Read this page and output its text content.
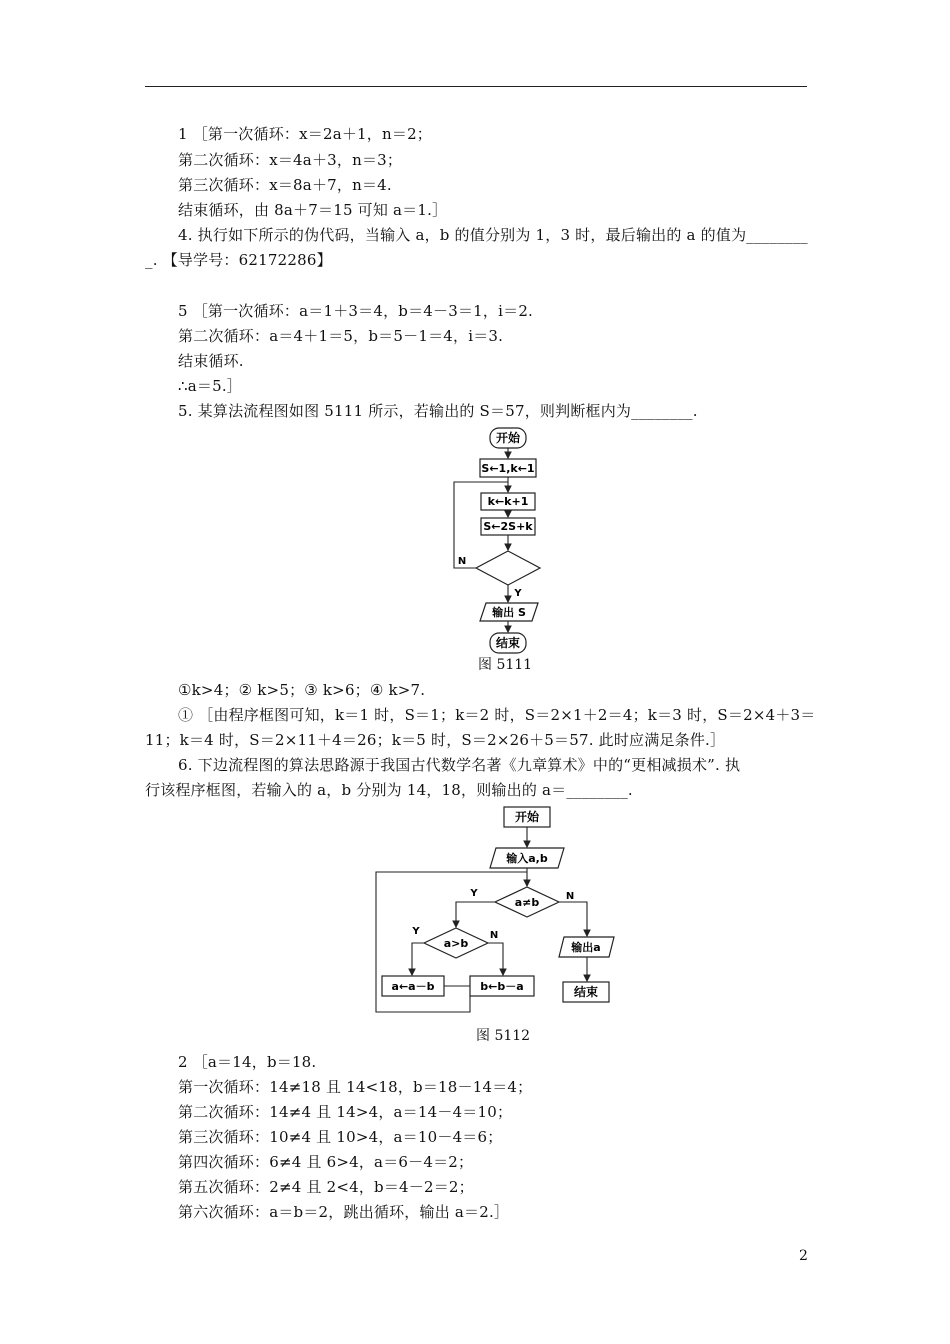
1 ［第一次循环：x＝2a＋1，n＝2；
第二次循环：x＝4a＋3，n＝3；
第三次循环：x＝8a＋7，n＝4.
结束循环，由 8a＋7＝15 可知 a＝1.］
4. 执行如下所示的伪代码，当输入 a，b 的值分别为 1，3 时，最后输出的 a 的值为________
_. 【导学号：62172286】
5 ［第一次循环：a＝1＋3＝4，b＝4－3＝1，i＝2.
第二次循环：a＝4＋1＝5，b＝5－1＝4，i＝3.
结束循环.
∴a＝5.］
5. 某算法流程图如图 5111 所示，若输出的 S＝57，则判断框内为________.
开始
S←1,k←1
k←k+1
S←2S+k
N
Y
输出 S
结束
图 5111
①k>4；② k>5；③ k>6；④ k>7.
① ［由程序框图可知，k＝1 时，S＝1；k＝2 时，S＝2×1＋2＝4；k＝3 时，S＝2×4＋3＝
11；k＝4 时，S＝2×11＋4＝26；k＝5 时，S＝2×26＋5＝57. 此时应满足条件.］
6. 下边流程图的算法思路源于我国古代数学名著《九章算术》中的“更相减损术”. 执
行该程序框图，若输入的 a，b 分别为 14，18，则输出的 a＝________.
开始
输入a,b
a≠b
Y	N
a>b
Y	N
a←a－b	b←b－a
输出a
结束
图 5112
2 ［a＝14，b＝18.
第一次循环：14≠18 且 14<18，b＝18－14＝4；
第二次循环：14≠4 且 14>4，a＝14－4＝10；
第三次循环：10≠4 且 10>4，a＝10－4＝6；
第四次循环：6≠4 且 6>4，a＝6－4＝2；
第五次循环：2≠4 且 2<4，b＝4－2＝2；
第六次循环：a＝b＝2，跳出循环，输出 a＝2.］
2
